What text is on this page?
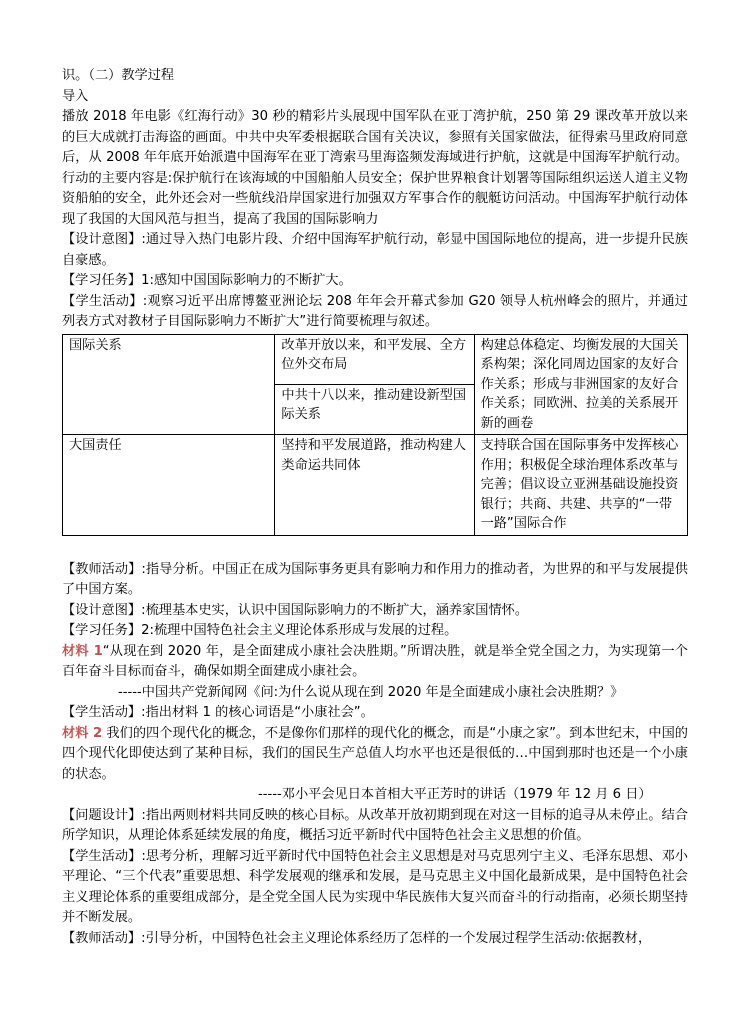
识。（二）教学过程

导入

播放 2018 年电影《红海行动》30 秒的精彩片头展现中国军队在亚丁湾护航，250 第 29 课改革开放以来的巨大成就打击海盗的画面。中共中央军委根据联合国有关决议，参照有关国家做法，征得索马里政府同意后，从 2008 年年底开始派遣中国海军在亚丁湾索马里海盗频发海域进行护航，这就是中国海军护航行动。行动的主要内容是:保护航行在该海域的中国船舶人员安全；保护世界粮食计划署等国际组织运送人道主义物资船舶的安全，此外还会对一些航线沿岸国家进行加强双方军事合作的舰艇访问活动。中国海军护航行动体现了我国的大国风范与担当，提高了我国的国际影响力

【设计意图】:通过导入热门电影片段、介绍中国海军护航行动，彰显中国国际地位的提高，进一步提升民族自豪感。

【学习任务】1:感知中国国际影响力的不断扩大。

【学生活动】:观察习近平出席博鳌亚洲论坛 208 年年会开幕式参加 G20 领导人杭州峰会的照片，并通过列表方式对教材子目国际影响力不断扩大”进行简要梳理与叙述。

国际关系	改革开放以来，和平发展、全方位外交布局	构建总体稳定、均衡发展的大国关系构架；深化同周边国家的友好合作关系；形成与非洲国家的友好合作关系；同欧洲、拉美的关系展开新的画卷
	中共十八以来，推动建设新型国际关系	
大国责任	坚持和平发展道路，推动构建人类命运共同体	支持联合国在国际事务中发挥核心作用；积极促全球治理体系改革与完善；倡议设立亚洲基础设施投资银行；共商、共建、共享的“一带一路”国际合作

【教师活动】:指导分析。中国正在成为国际事务更具有影响力和作用力的推动者，为世界的和平与发展提供了中国方案。

【设计意图】:梳理基本史实，认识中国国际影响力的不断扩大，涵养家国情怀。

【学习任务】2:梳理中国特色社会主义理论体系形成与发展的过程。

材料 1“从现在到 2020 年，是全面建成小康社会决胜期。”所谓决胜，就是举全党全国之力，为实现第一个百年奋斗目标而奋斗，确保如期全面建成小康社会。

-----中国共产党新闻网《问:为什么说从现在到 2020 年是全面建成小康社会决胜期？》

【学生活动】:指出材料 1 的核心词语是“小康社会”。

材料 2 我们的四个现代化的概念，不是像你们那样的现代化的概念，而是“小康之家”。到本世纪末，中国的四个现代化即使达到了某种目标，我们的国民生产总值人均水平也还是很低的…中国到那时也还是一个小康的状态。

-----邓小平会见日本首相大平正芳时的讲话（1979 年 12 月 6 日）

【问题设计】:指出两则材料共同反映的核心目标。从改革开放初期到现在对这一目标的追寻从未停止。结合所学知识，从理论体系延续发展的角度，概括习近平新时代中国特色社会主义思想的价值。

【学生活动】:思考分析，理解习近平新时代中国特色社会主义思想是对马克思列宁主义、毛泽东思想、邓小平理论、“三个代表”重要思想、科学发展观的继承和发展，是马克思主义中国化最新成果，是中国特色社会主义理论体系的重要组成部分，是全党全国人民为实现中华民族伟大复兴而奋斗的行动指南，必须长期坚持并不断发展。

【教师活动】:引导分析，中国特色社会主义理论体系经历了怎样的一个发展过程学生活动:依据教材，
